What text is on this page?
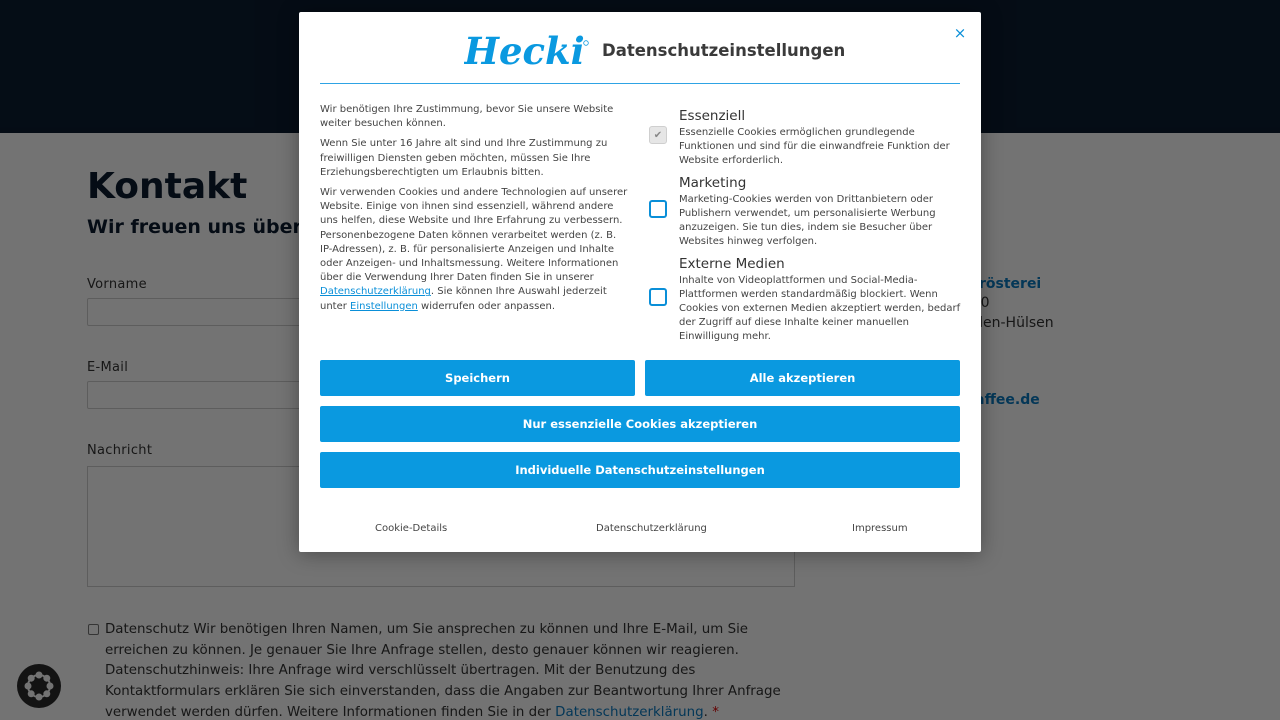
×
Hecki Datenschutzeinstellungen

Wir benötigen Ihre Zustimmung, bevor Sie unsere Website weiter besuchen können.

Wenn Sie unter 16 Jahre alt sind und Ihre Zustimmung zu freiwilligen Diensten geben möchten, müssen Sie Ihre Erziehungsberechtigten um Erlaubnis bitten.

Wir verwenden Cookies und andere Technologien auf unserer Website. Einige von ihnen sind essenziell, während andere uns helfen, diese Website und Ihre Erfahrung zu verbessern. Personenbezogene Daten können verarbeitet werden (z. B. IP-Adressen), z. B. für personalisierte Anzeigen und Inhalte oder Anzeigen- und Inhaltsmessung. Weitere Informationen über die Verwendung Ihrer Daten finden Sie in unserer Datenschutzerklärung. Sie können Ihre Auswahl jederzeit unter Einstellungen widerrufen oder anpassen.

✔
Essenziell
Essenzielle Cookies ermöglichen grundlegende Funktionen und sind für die einwandfreie Funktion der Website erforderlich.
Marketing
Marketing-Cookies werden von Drittanbietern oder Publishern verwendet, um personalisierte Werbung anzuzeigen. Sie tun dies, indem sie Besucher über Websites hinweg verfolgen.
Externe Medien
Inhalte von Videoplattformen und Social-Media-Plattformen werden standardmäßig blockiert. Wenn Cookies von externen Medien akzeptiert werden, bedarf der Zugriff auf diese Inhalte keiner manuellen Einwilligung mehr.
Speichern	Alle akzeptieren
Nur essenzielle Cookies akzeptieren
Individuelle Datenschutzeinstellungen
Cookie-Details	Datenschutzerklärung	Impressum
